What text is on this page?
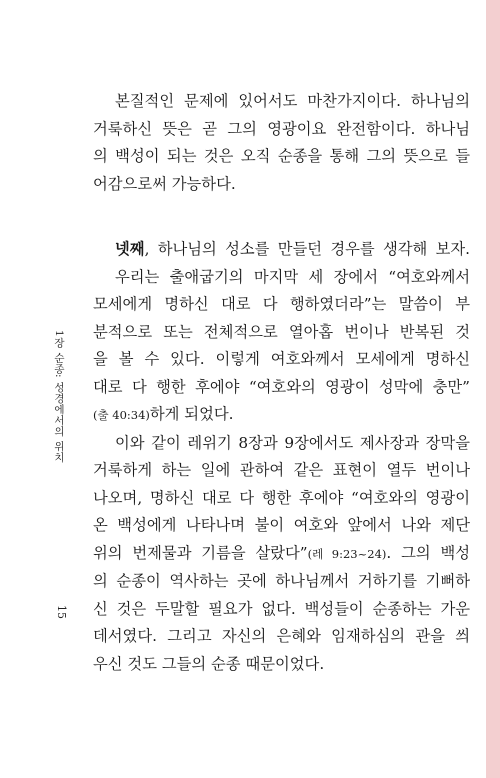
본질적인 문제에 있어서도 마찬가지이다. 하나님의
거룩하신 뜻은 곧 그의 영광이요 완전함이다. 하나님
의 백성이 되는 것은 오직 순종을 통해 그의 뜻으로 들
어감으로써 가능하다.
넷째, 하나님의 성소를 만들던 경우를 생각해 보자.
우리는 출애굽기의 마지막 세 장에서 “여호와께서
모세에게 명하신 대로 다 행하였더라”는 말씀이 부
분적으로 또는 전체적으로 열아홉 번이나 반복된 것
을 볼 수 있다. 이렇게 여호와께서 모세에게 명하신
대로 다 행한 후에야 “여호와의 영광이 성막에 충만”
(출 40:34)하게 되었다.
이와 같이 레위기 8장과 9장에서도 제사장과 장막을
거룩하게 하는 일에 관하여 같은 표현이 열두 번이나
나오며, 명하신 대로 다 행한 후에야 “여호와의 영광이
온 백성에게 나타나며 불이 여호와 앞에서 나와 제단
위의 번제물과 기름을 살랐다”(레 9:23~24). 그의 백성
의 순종이 역사하는 곳에 하나님께서 거하기를 기뻐하
신 것은 두말할 필요가 없다. 백성들이 순종하는 가운
데서였다. 그리고 자신의 은혜와 임재하심의 관을 씌
우신 것도 그들의 순종 때문이었다.
1장 순종: 성경에서의 위치
15
